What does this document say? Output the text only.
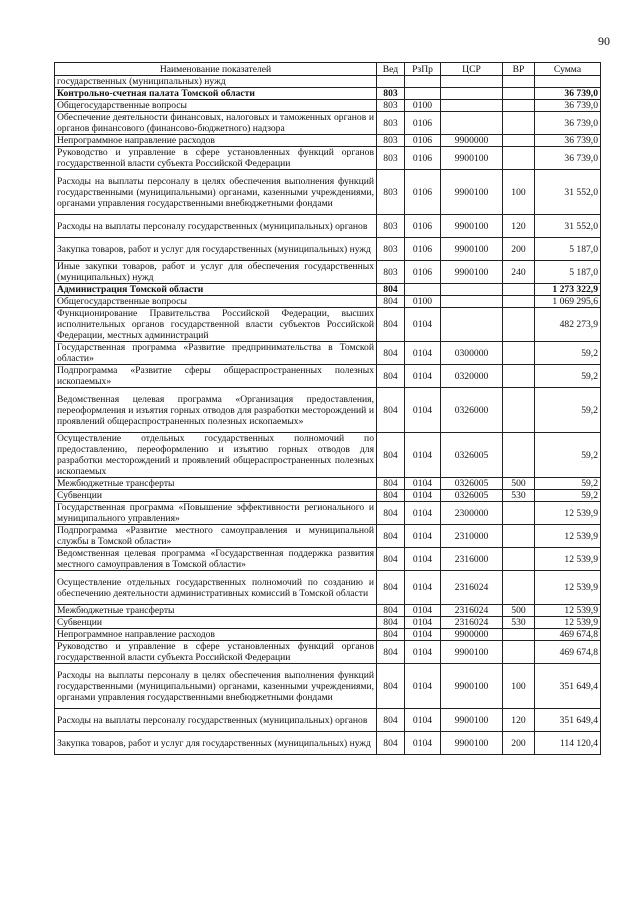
90
Наименование показателей	Вед	РзПр	ЦСР	ВР	Сумма
государственных (муниципальных) нужд					
Контрольно-счетная палата Томской области	803				36 739,0
Общегосударственные вопросы	803	0100			36 739,0
Обеспечение деятельности финансовых, налоговых и таможенных органов и органов финансового (финансово-бюджетного) надзора	803	0106			36 739,0
Непрограммное направление расходов	803	0106	9900000		36 739,0
Руководство и управление в сфере установленных функций органов государственной власти субъекта Российской Федерации	803	0106	9900100		36 739,0
Расходы на выплаты персоналу в целях обеспечения выполнения функций государственными (муниципальными) органами, казенными учреждениями, органами управления государственными внебюджетными фондами	803	0106	9900100	100	31 552,0
Расходы на выплаты персоналу государственных (муниципальных) органов	803	0106	9900100	120	31 552,0
Закупка товаров, работ и услуг для государственных (муниципальных) нужд	803	0106	9900100	200	5 187,0
Иные закупки товаров, работ и услуг для обеспечения государственных (муниципальных) нужд	803	0106	9900100	240	5 187,0
Администрация Томской области	804				1 273 322,9
Общегосударственные вопросы	804	0100			1 069 295,6
Функционирование Правительства Российской Федерации, высших исполнительных органов государственной власти субъектов Российской Федерации, местных администраций	804	0104			482 273,9
Государственная программа «Развитие предпринимательства в Томской области»	804	0104	0300000		59,2
Подпрограмма «Развитие сферы общераспространенных полезных ископаемых»	804	0104	0320000		59,2
Ведомственная целевая программа «Организация предоставления, переоформления и изъятия горных отводов для разработки месторождений и проявлений общераспространенных полезных ископаемых»	804	0104	0326000		59,2
Осуществление отдельных государственных полномочий по предоставлению, переоформлению и изъятию горных отводов для разработки месторождений и проявлений общераспространенных полезных ископаемых	804	0104	0326005		59,2
Межбюджетные трансферты	804	0104	0326005	500	59,2
Субвенции	804	0104	0326005	530	59,2
Государственная программа «Повышение эффективности регионального и муниципального управления»	804	0104	2300000		12 539,9
Подпрограмма «Развитие местного самоуправления и муниципальной службы в Томской области»	804	0104	2310000		12 539,9
Ведомственная целевая программа «Государственная поддержка развития местного самоуправления в Томской области»	804	0104	2316000		12 539,9
Осуществление отдельных государственных полномочий по созданию и обеспечению деятельности административных комиссий в Томской области	804	0104	2316024		12 539,9
Межбюджетные трансферты	804	0104	2316024	500	12 539,9
Субвенции	804	0104	2316024	530	12 539,9
Непрограммное направление расходов	804	0104	9900000		469 674,8
Руководство и управление в сфере установленных функций органов государственной власти субъекта Российской Федерации	804	0104	9900100		469 674,8
Расходы на выплаты персоналу в целях обеспечения выполнения функций государственными (муниципальными) органами, казенными учреждениями, органами управления государственными внебюджетными фондами	804	0104	9900100	100	351 649,4
Расходы на выплаты персоналу государственных (муниципальных) органов	804	0104	9900100	120	351 649,4
Закупка товаров, работ и услуг для государственных (муниципальных) нужд	804	0104	9900100	200	114 120,4
